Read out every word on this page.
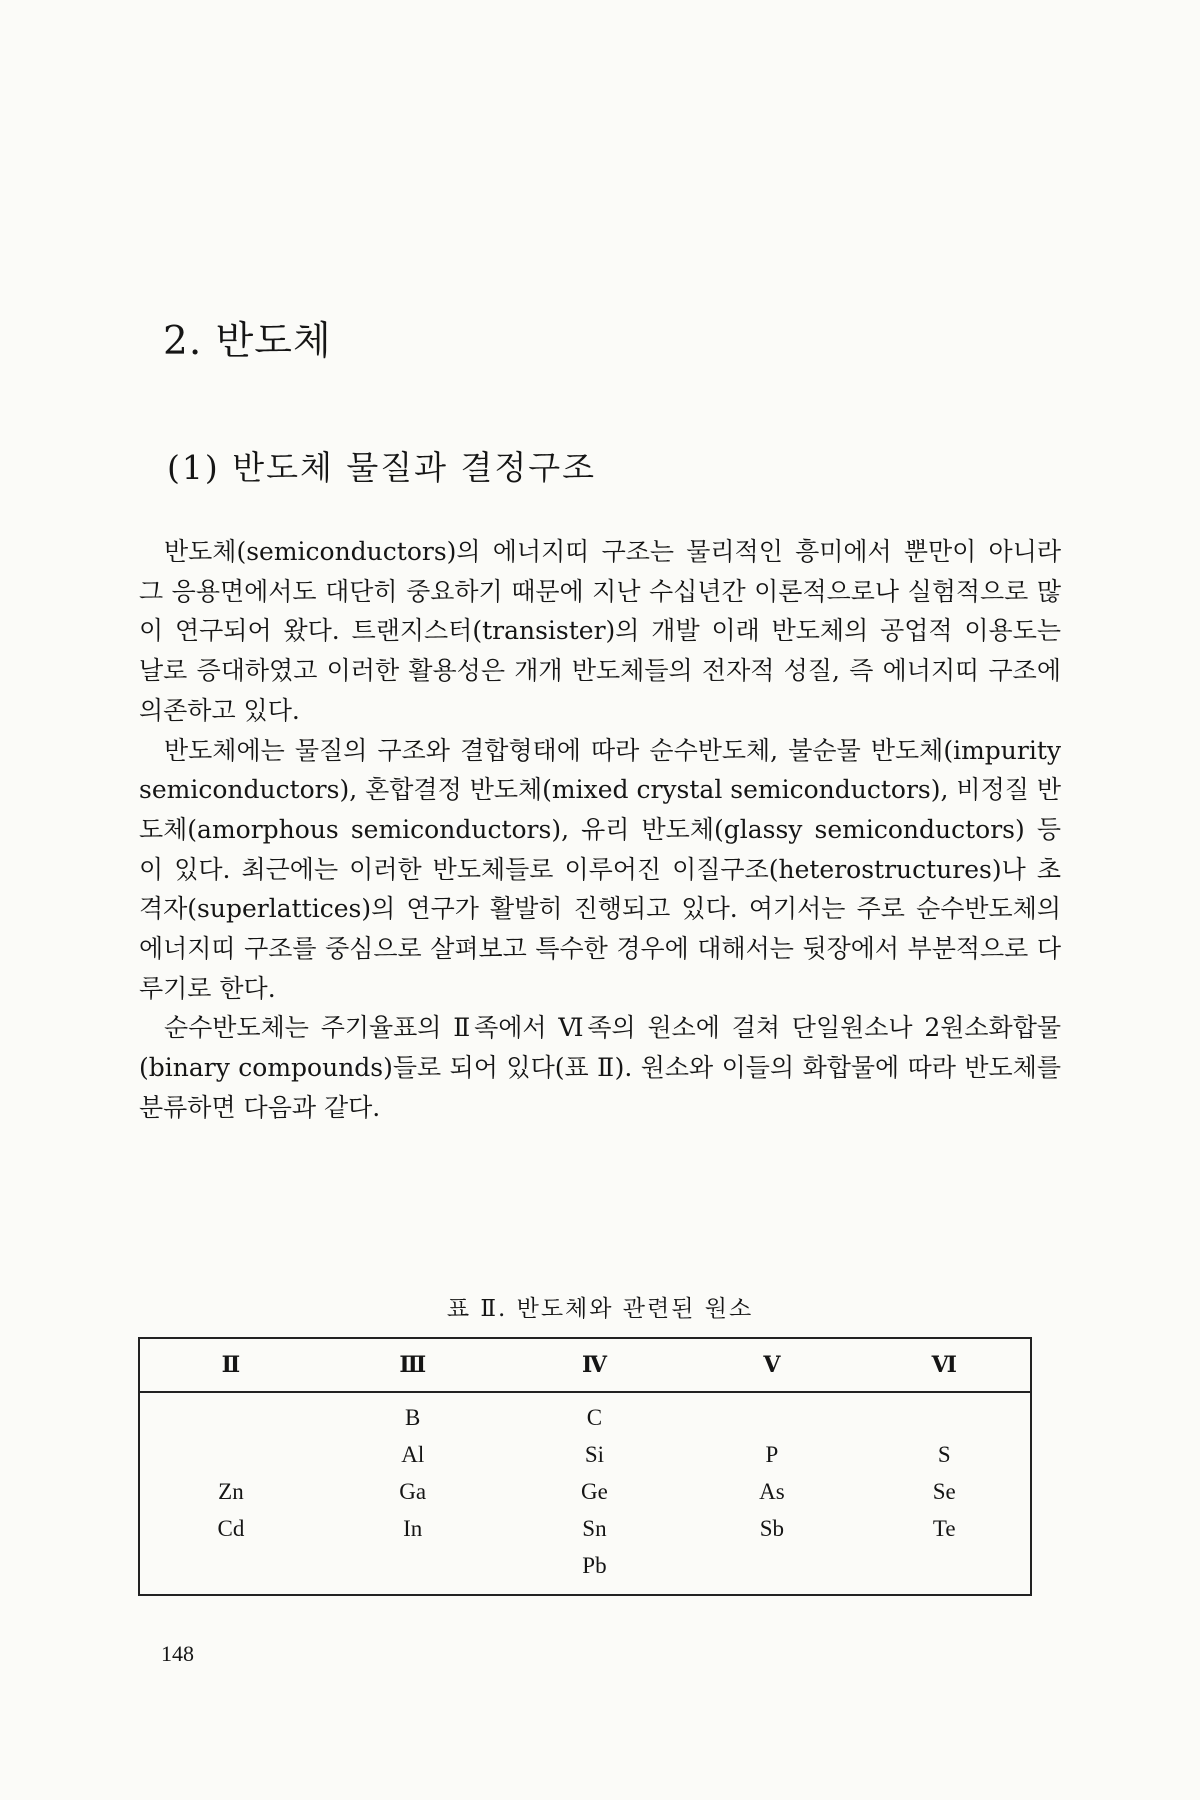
2. 반도체
(1) 반도체 물질과 결정구조

반도체(semiconductors)의 에너지띠 구조는 물리적인 흥미에서 뿐만이 아니라 그 응용면에서도 대단히 중요하기 때문에 지난 수십년간 이론적으로나 실험적으로 많이 연구되어 왔다. 트랜지스터(transister)의 개발 이래 반도체의 공업적 이용도는 날로 증대하였고 이러한 활용성은 개개 반도체들의 전자적 성질, 즉 에너지띠 구조에 의존하고 있다.

반도체에는 물질의 구조와 결합형태에 따라 순수반도체, 불순물 반도체(impurity semiconductors), 혼합결정 반도체(mixed crystal semiconductors), 비정질 반도체(amorphous semiconductors), 유리 반도체(glassy semiconductors) 등이 있다. 최근에는 이러한 반도체들로 이루어진 이질구조(heterostructures)나 초격자(superlattices)의 연구가 활발히 진행되고 있다. 여기서는 주로 순수반도체의 에너지띠 구조를 중심으로 살펴보고 특수한 경우에 대해서는 뒷장에서 부분적으로 다루기로 한다.

순수반도체는 주기율표의 Ⅱ족에서 Ⅵ족의 원소에 걸쳐 단일원소나 2원소화합물(binary compounds)들로 되어 있다(표 Ⅱ). 원소와 이들의 화합물에 따라 반도체를 분류하면 다음과 같다.

표 Ⅱ. 반도체와 관련된 원소
Ⅱ	Ⅲ	Ⅳ	Ⅴ	Ⅵ
	B	C		
	Al	Si	P	S
Zn	Ga	Ge	As	Se
Cd	In	Sn	Sb	Te
		Pb		
148
